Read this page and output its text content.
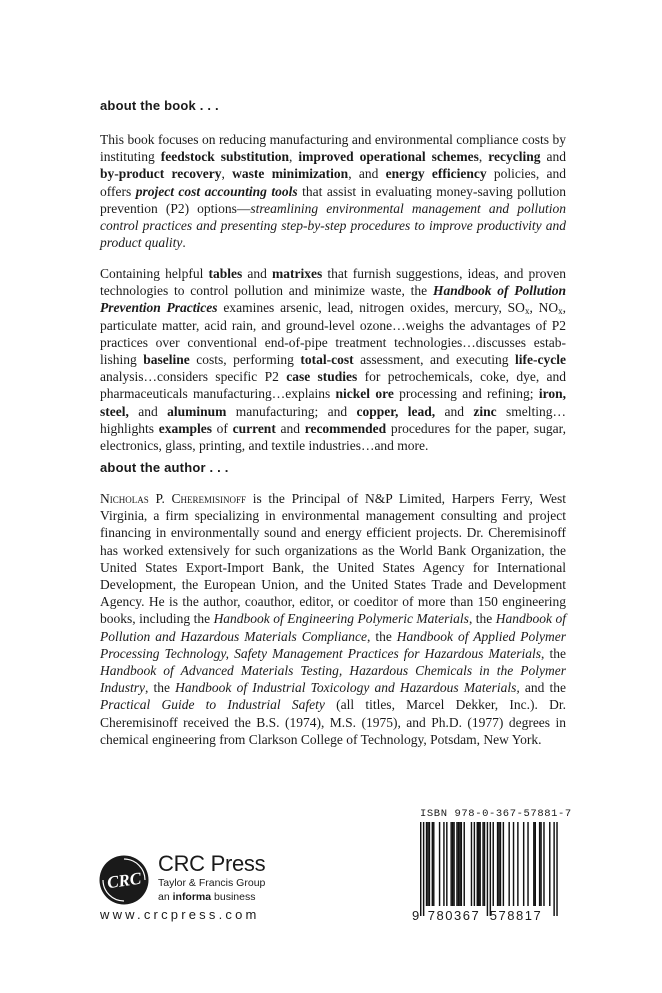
about the book . . .

This book focuses on reducing manufacturing and environmental compliance costs by instituting feedstock substitution, improved operational schemes, recycling and by-product recovery, waste minimization, and energy efficiency policies, and offers project cost accounting tools that assist in evaluating money-saving pollution prevention (P2) options—streamlining environmental management and pollution control practices and presenting step-by-step procedures to improve productivity and product quality.

Containing helpful tables and matrixes that furnish suggestions, ideas, and proven technologies to control pollution and minimize waste, the Handbook of Pollution Prevention Practices examines arsenic, lead, nitrogen oxides, mercury, $SO_x$, $NO_x$, particulate matter, acid rain, and ground-level ozone…weighs the advantages of P2 practices over conventional end-of-pipe treatment technologies…discusses establishing baseline costs, performing total-cost assessment, and executing life-cycle analysis…considers specific P2 case studies for petrochemicals, coke, dye, and pharmaceuticals manufacturing…explains nickel ore processing and refining; iron, steel, and aluminum manufacturing; and copper, lead, and zinc smelting… highlights examples of current and recommended procedures for the paper, sugar, electronics, glass, printing, and textile industries…and more.

about the author . . .

Nicholas P. Cheremisinoff is the Principal of N&P Limited, Harpers Ferry, West Virginia, a firm specializing in environmental management consulting and project financing in environmentally sound and energy efficient projects. Dr. Cheremisinoff has worked extensively for such organizations as the World Bank Organization, the United States Export-Import Bank, the United States Agency for International Development, the European Union, and the United States Trade and Development Agency. He is the author, coauthor, editor, or coeditor of more than 150 engineering books, including the Handbook of Engineering Polymeric Materials, the Handbook of Pollution and Hazardous Materials Compliance, the Handbook of Applied Polymer Processing Technology, Safety Management Practices for Hazardous Materials, the Handbook of Advanced Materials Testing, Hazardous Chemicals in the Polymer Industry, the Handbook of Industrial Toxicology and Hazardous Materials, and the Practical Guide to Industrial Safety (all titles, Marcel Dekker, Inc.). Dr. Cheremisinoff received the B.S. (1974), M.S. (1975), and Ph.D. (1977) degrees in chemical engineering from Clarkson College of Technology, Potsdam, New York.

CRC

CRC Press

Taylor & Francis Group

an informa business

www.crcpress.com

ISBN 978-0-367-57881-7

9 780367 578817
